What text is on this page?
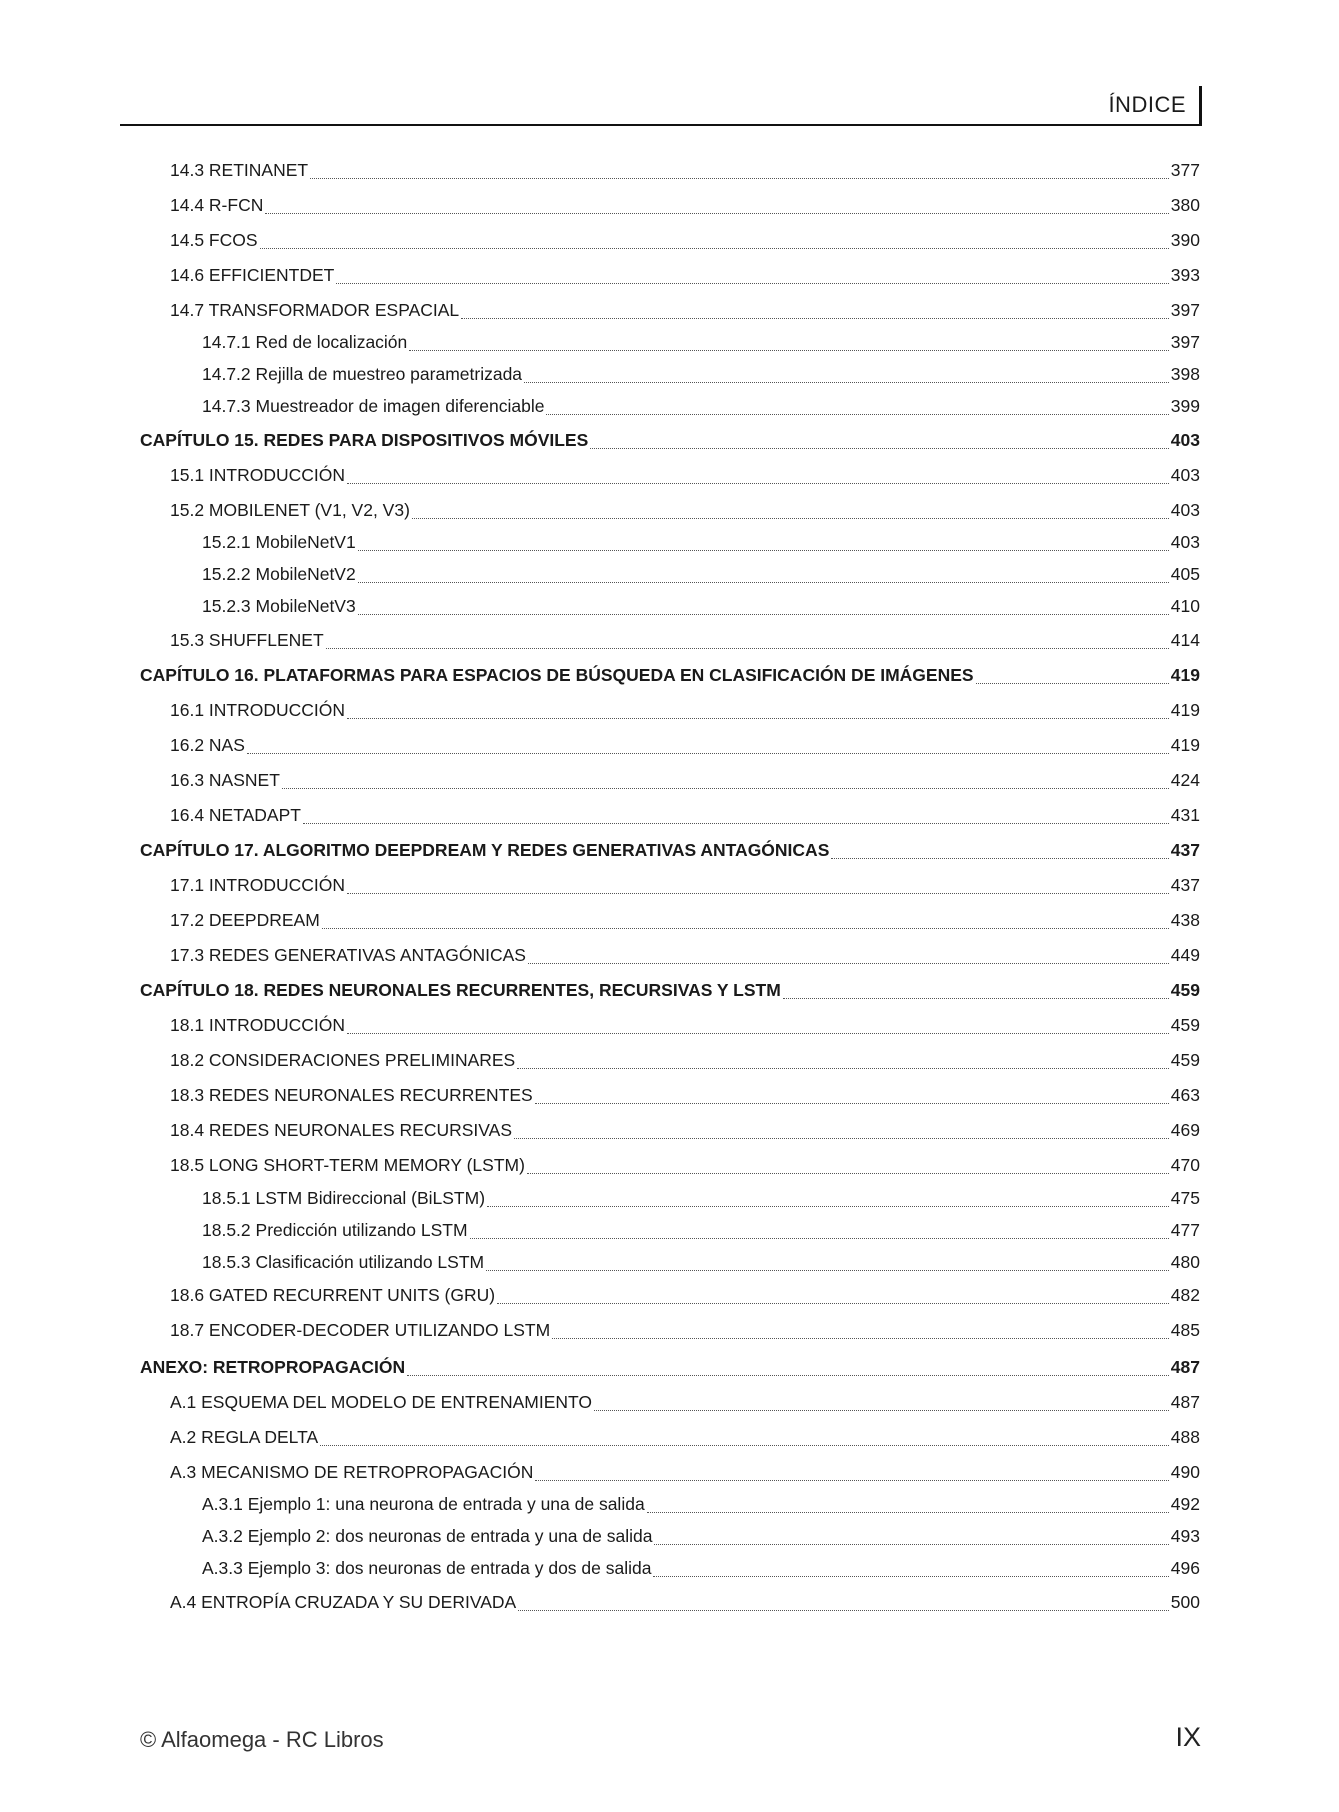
ÍNDICE
14.3 RETINANET	377
14.4 R-FCN	380
14.5 FCOS	390
14.6 EFFICIENTDET	393
14.7 TRANSFORMADOR ESPACIAL	397
14.7.1 Red de localización	397
14.7.2 Rejilla de muestreo parametrizada	398
14.7.3 Muestreador de imagen diferenciable	399
CAPÍTULO 15. REDES PARA DISPOSITIVOS MÓVILES	403
15.1 INTRODUCCIÓN	403
15.2 MOBILENET (V1, V2, V3)	403
15.2.1 MobileNetV1	403
15.2.2 MobileNetV2	405
15.2.3 MobileNetV3	410
15.3 SHUFFLENET	414
CAPÍTULO 16. PLATAFORMAS PARA ESPACIOS DE BÚSQUEDA EN CLASIFICACIÓN DE IMÁGENES	419
16.1 INTRODUCCIÓN	419
16.2 NAS	419
16.3 NASNET	424
16.4 NETADAPT	431
CAPÍTULO 17. ALGORITMO DEEPDREAM Y REDES GENERATIVAS ANTAGÓNICAS	437
17.1 INTRODUCCIÓN	437
17.2 DEEPDREAM	438
17.3 REDES GENERATIVAS ANTAGÓNICAS	449
CAPÍTULO 18. REDES NEURONALES RECURRENTES, RECURSIVAS Y LSTM	459
18.1 INTRODUCCIÓN	459
18.2 CONSIDERACIONES PRELIMINARES	459
18.3 REDES NEURONALES RECURRENTES	463
18.4 REDES NEURONALES RECURSIVAS	469
18.5 LONG SHORT-TERM MEMORY (LSTM)	470
18.5.1 LSTM Bidireccional (BiLSTM)	475
18.5.2 Predicción utilizando LSTM	477
18.5.3 Clasificación utilizando LSTM	480
18.6 GATED RECURRENT UNITS (GRU)	482
18.7 ENCODER-DECODER UTILIZANDO LSTM	485
ANEXO: RETROPROPAGACIÓN	487
A.1 ESQUEMA DEL MODELO DE ENTRENAMIENTO	487
A.2 REGLA DELTA	488
A.3 MECANISMO DE RETROPROPAGACIÓN	490
A.3.1 Ejemplo 1: una neurona de entrada y una de salida	492
A.3.2 Ejemplo 2: dos neuronas de entrada y una de salida	493
A.3.3 Ejemplo 3: dos neuronas de entrada y dos de salida	496
A.4 ENTROPÍA CRUZADA Y SU DERIVADA	500
© Alfaomega - RC Libros	IX
